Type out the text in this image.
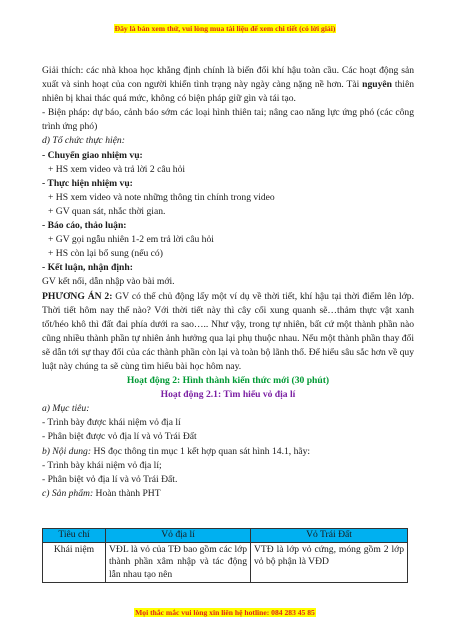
Đây là bản xem thử, vui lòng mua tài liệu để xem chi tiết (có lời giải)

Giải thích: các nhà khoa học khẳng định chính là biến đổi khí hậu toàn cầu. Các hoạt động sản xuất và sinh hoạt của con người khiến tình trạng này ngày càng nặng nề hơn. Tài nguyên thiên nhiên bị khai thác quá mức, không có biện pháp giữ gìn và tái tạo.

- Biện pháp: dự báo, cảnh báo sớm các loại hình thiên tai; nâng cao năng lực ứng phó (các công trình ứng phó)

d) Tổ chức thực hiện:

- Chuyển giao nhiệm vụ:

+ HS xem video và trả lời 2 câu hỏi

- Thực hiện nhiệm vụ:

+ HS xem video và note những thông tin chính trong video

+ GV quan sát, nhắc thời gian.

- Báo cáo, thảo luận:

+ GV gọi ngẫu nhiên 1-2 em trả lời câu hỏi

+ HS còn lại bổ sung (nếu có)

- Kết luận, nhận định:

GV kết nối, dẫn nhập vào bài mới.

PHƯƠNG ÁN 2: GV có thể chủ động lấy một ví dụ về thời tiết, khí hậu tại thời điểm lên lớp. Thời tiết hôm nay thế nào? Với thời tiết này thì cây cối xung quanh sẽ…thảm thực vật xanh tốt/héo khô thì đất đai phía dưới ra sao….. Như vậy, trong tự nhiên, bất cứ một thành phần nào cũng nhiều thành phần tự nhiên ảnh hưởng qua lại phụ thuộc nhau. Nếu một thành phần thay đổi sẽ dẫn tới sự thay đổi của các thành phần còn lại và toàn bộ lãnh thổ. Để hiểu sâu sắc hơn về quy luật này chúng ta sẽ cùng tìm hiểu bài học hôm nay.

Hoạt động 2: Hình thành kiến thức mới (30 phút)

Hoạt động 2.1: Tìm hiểu vỏ địa lí

a) Mục tiêu:

- Trình bày được khái niệm vỏ địa lí

- Phân biệt được vỏ địa lí và vỏ Trái Đất

b) Nội dung: HS đọc thông tin mục 1 kết hợp quan sát hình 14.1, hãy:

- Trình bày khái niệm vỏ địa lí;

- Phân biệt vỏ địa lí và vỏ Trái Đất.

c) Sản phẩm: Hoàn thành PHT

Tiêu chí	Vỏ địa lí	Vỏ Trái Đất
Khái niệm	VĐL là vỏ của TĐ bao gồm các lớp thành phần xâm nhập và tác động lẫn nhau tạo nên	VTĐ là lớp vỏ cứng, móng gồm 2 lớp vỏ bộ phận là VĐD
Mọi thắc mắc vui lòng xin liên hệ hotline: 084 283 45 85
